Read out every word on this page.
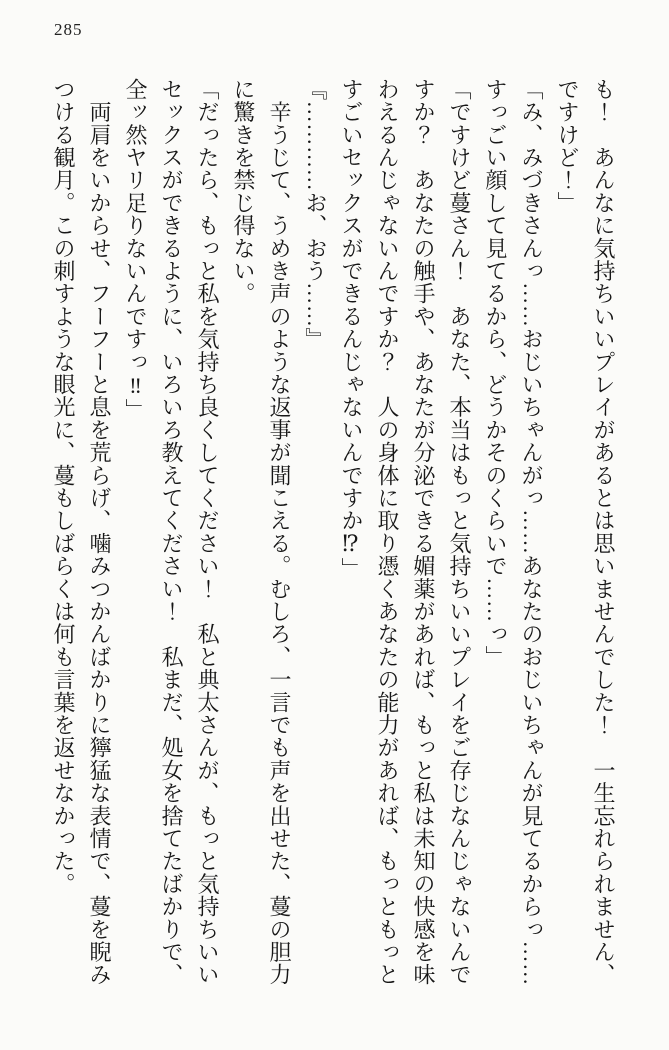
285
も！　あんなに気持ちいいプレイがあるとは思いませんでした！　一生忘れられません、
ですけど！」
「み、みづきさんっ……おじいちゃんがっ……あなたのおじいちゃんが見てるからっ……
すっごい顔して見てるから、どうかそのくらいで……っ」
「ですけど蔓さん！　あなた、本当はもっと気持ちいいプレイをご存じなんじゃないんで
すか？　あなたの触手や、あなたが分泌できる媚薬があれば、もっと私は未知の快感を味
わえるんじゃないんですか？　人の身体に取り憑くあなたの能力があれば、もっともっと
すごいセックスができるんじゃないんですか⁉」
『…………お、おう……』
　辛うじて、うめき声のような返事が聞こえる。むしろ、一言でも声を出せた、蔓の胆力
に驚きを禁じ得ない。
「だったら、もっと私を気持ち良くしてください！　私と典太さんが、もっと気持ちいい
セックスができるように、いろいろ教えてください！　私まだ、処女を捨てたばかりで、
全ッ然ヤリ足りないんですっ‼」
　両肩をいからせ、フーフーと息を荒らげ、噛みつかんばかりに獰猛な表情で、蔓を睨み
つける観月。この刺すような眼光に、蔓もしばらくは何も言葉を返せなかった。
